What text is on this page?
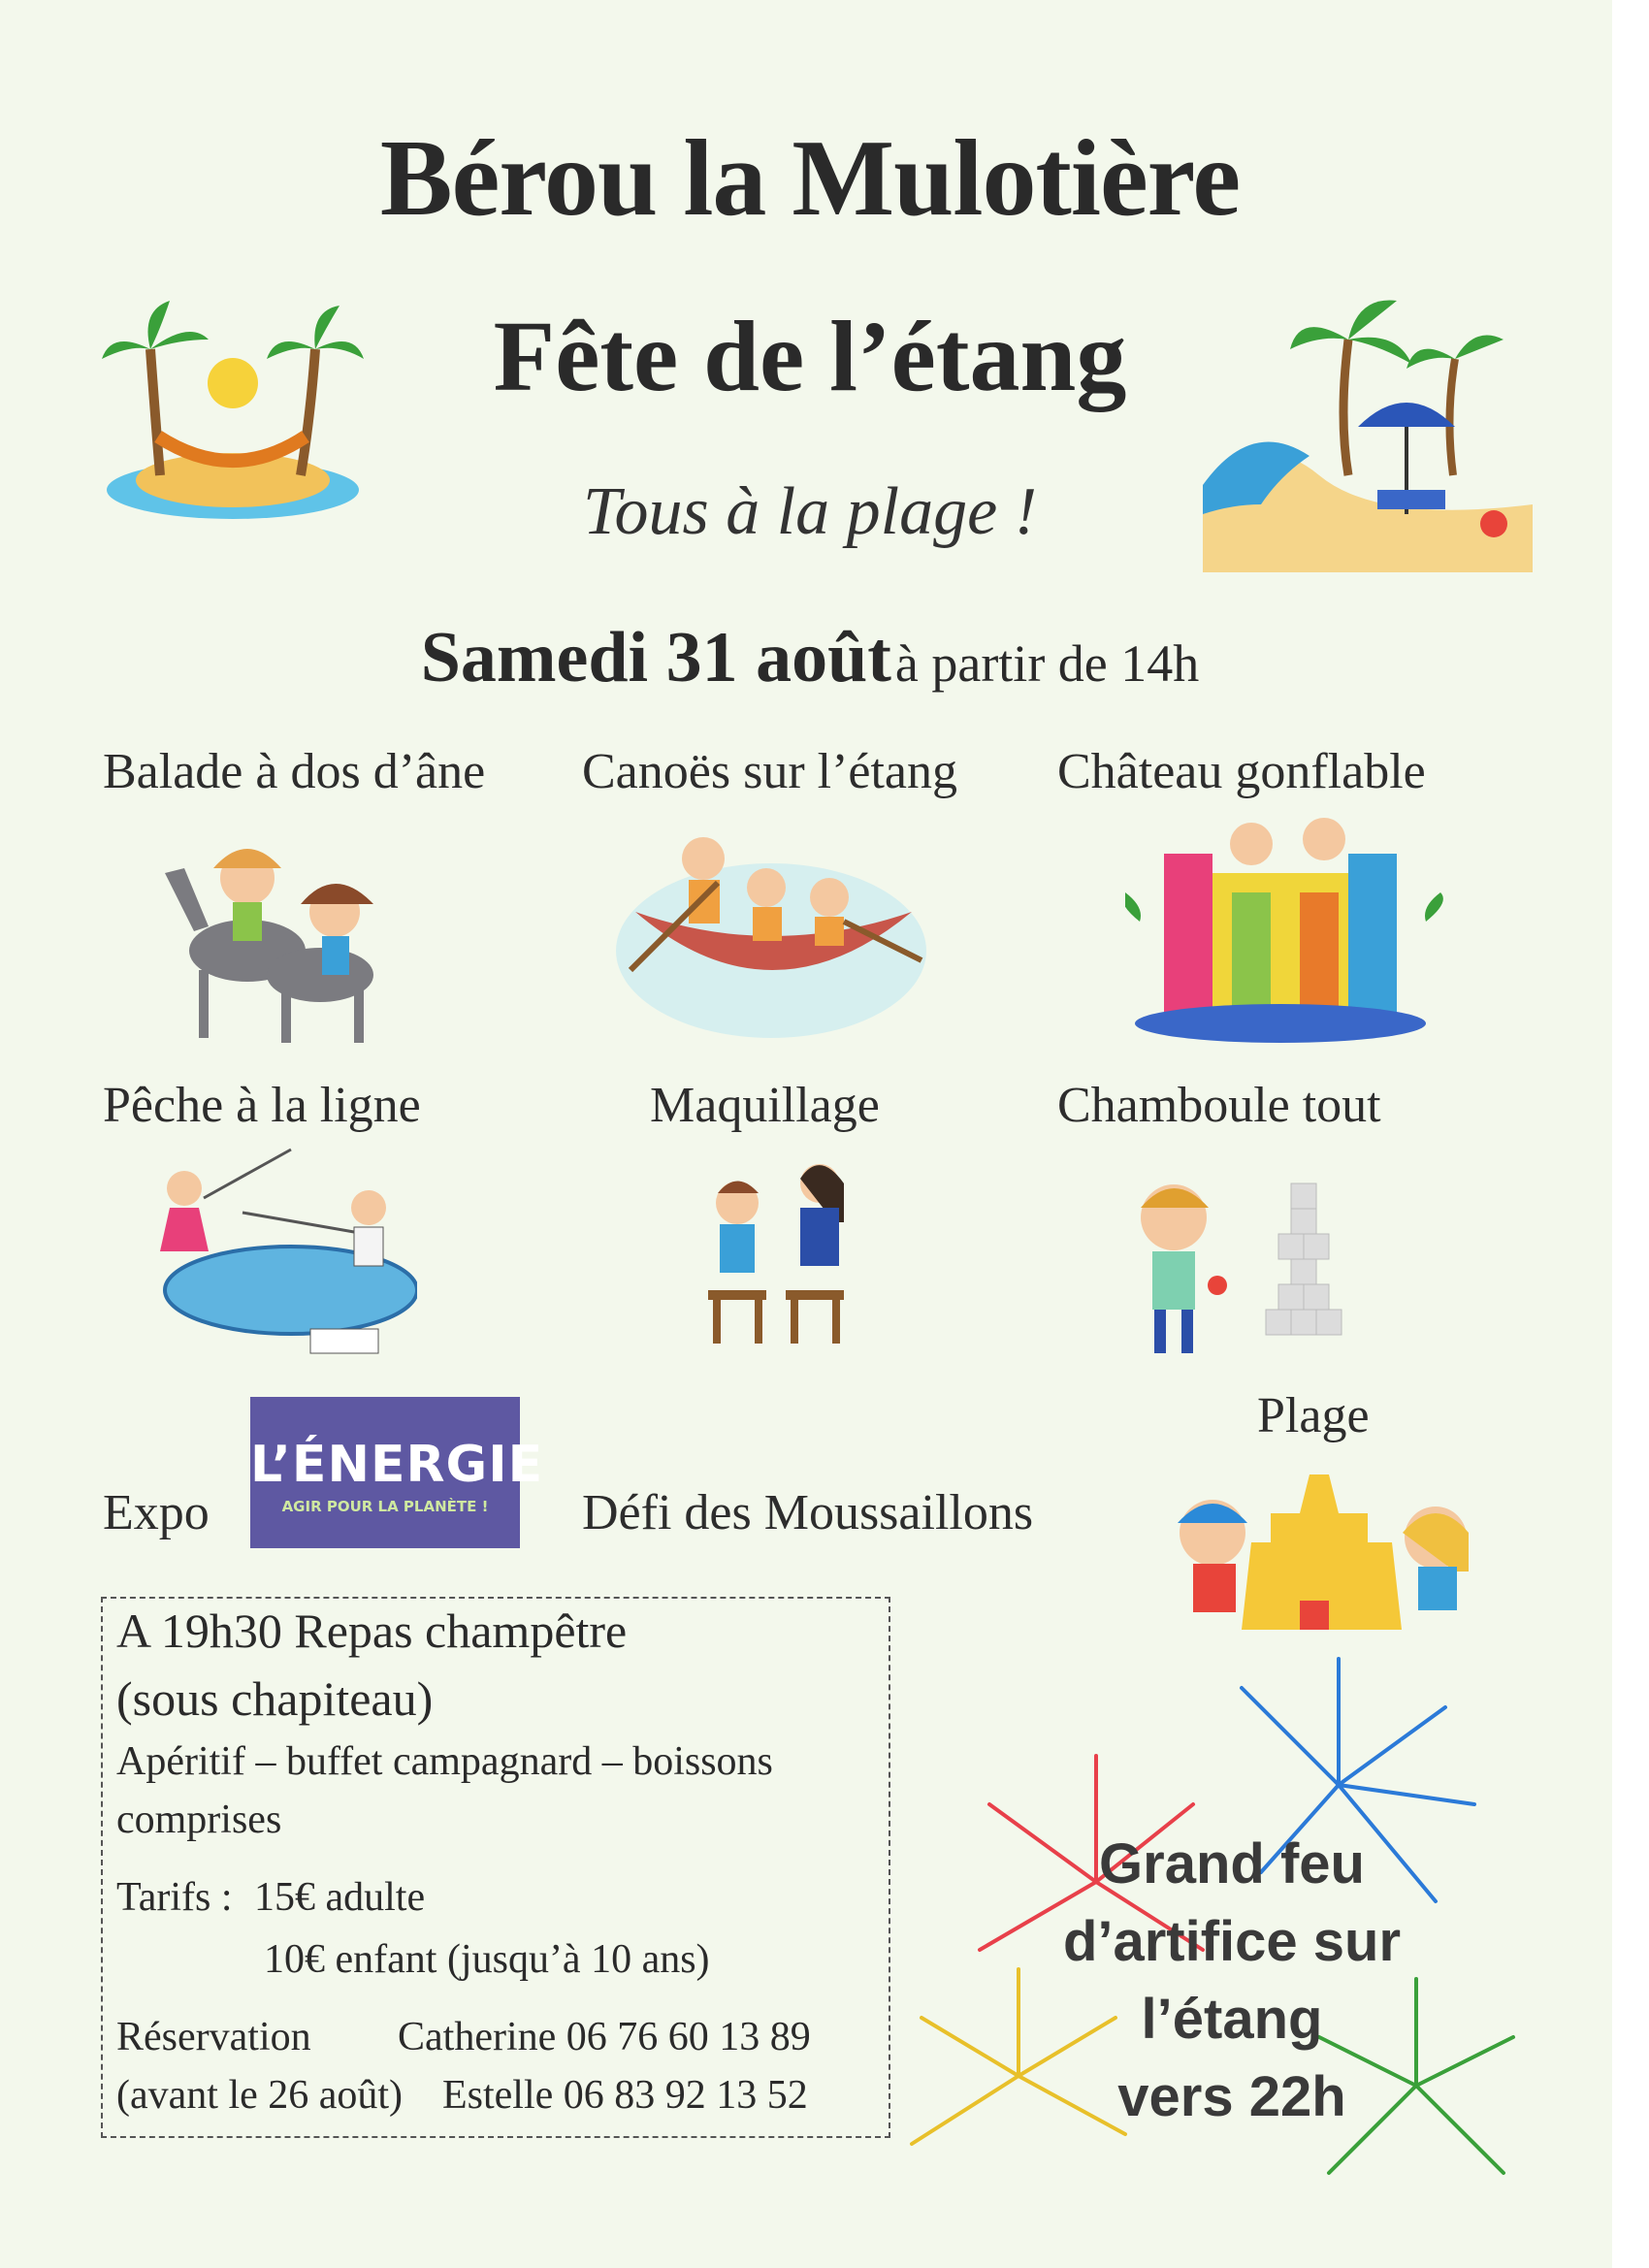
Bérou la Mulotière
Fête de l’étang
Tous à la plage !
Samedi 31 août à partir de 14h
Balade à dos d’âne Canoës sur l’étang Château gonflable
Pêche à la ligne	Maquillage	Chamboule tout
Expo
L’ÉNERGIE
AGIR POUR LA PLANÈTE !	Défi des Moussaillons
Plage
A 19h30 Repas champêtre
(sous chapiteau)
Apéritif – buffet campagnard – boissons
comprises
Tarifs : 15€ adulte
10€ enfant (jusqu’à 10 ans)
Réservation Catherine 06 76 60 13 89
(avant le 26 août) Estelle 06 83 92 13 52
Grand feu
d’artifice sur
l’étang
vers 22h
